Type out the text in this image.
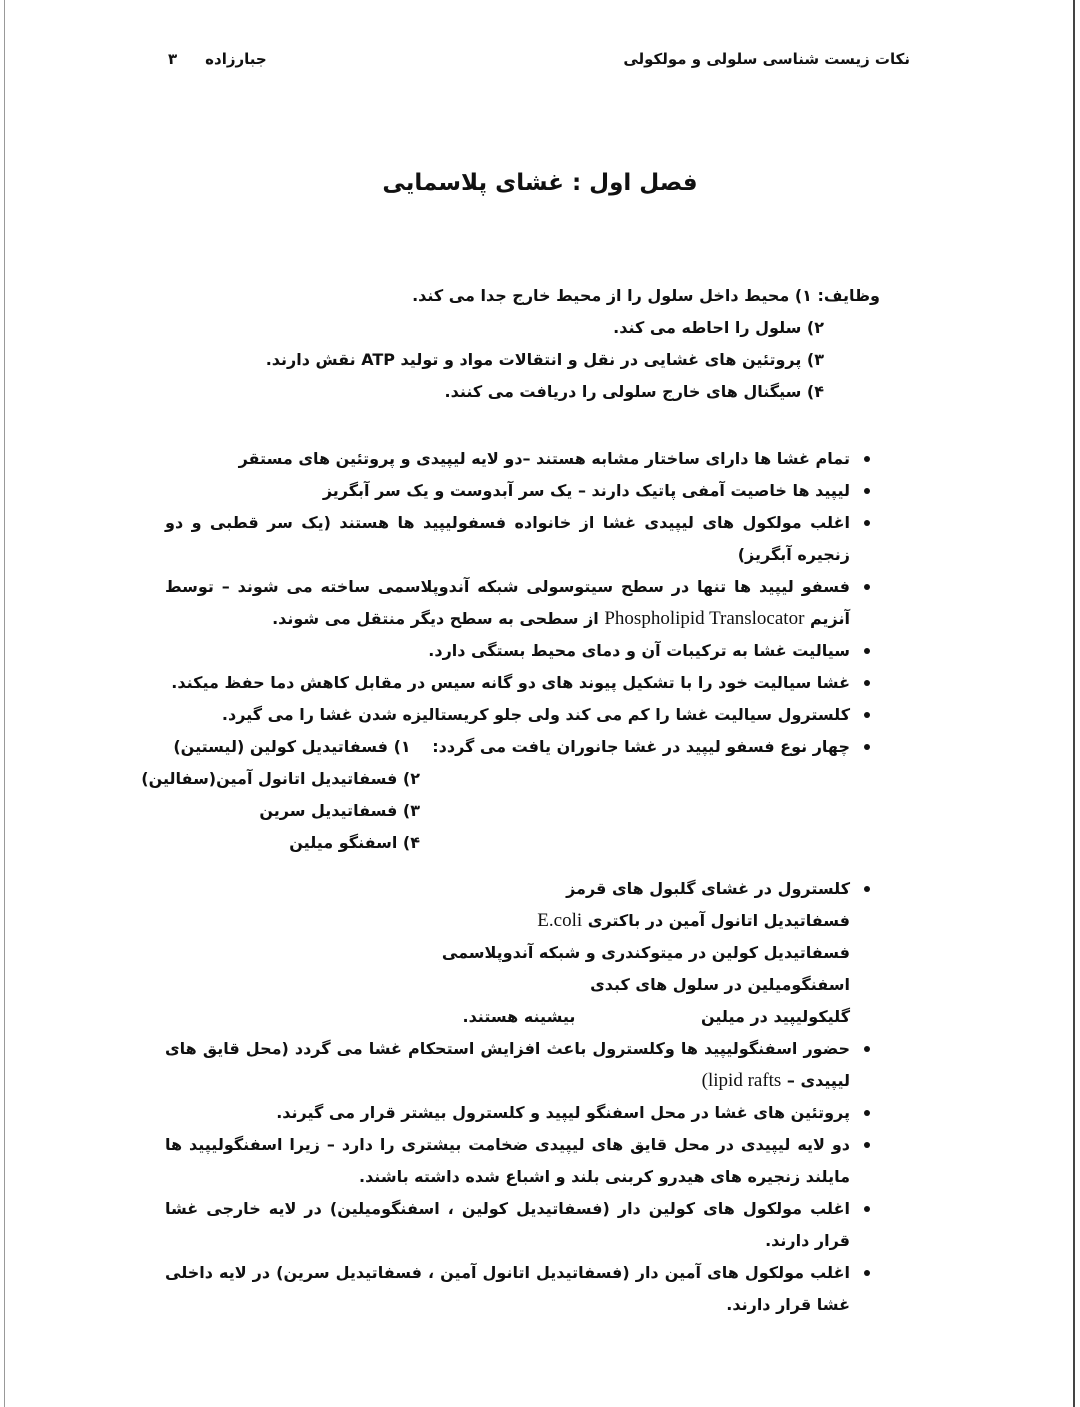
نکات زیست شناسی سلولی و مولکولی
جبارزاده۳
فصل اول : غشای پلاسمایی
وظایف: ۱) محیط داخل سلول را از محیط خارج جدا می کند.
۲) سلول را احاطه می کند.
۳) پروتئین های غشایی در نقل و انتقالات مواد و تولید ATP نقش دارند.
۴) سیگنال های خارج سلولی را دریافت می کنند.
تمام غشا ها دارای ساختار مشابه هستند –دو لایه لیپیدی و پروتئین های مستقر
لیپید ها خاصیت آمفی پاتیک دارند – یک سر آبدوست و یک سر آبگریز
اغلب مولکول های لیپیدی غشا از خانواده فسفولیپید ها هستند (یک سر قطبی و دو زنجیره آبگریز)
فسفو لیپید ها تنها در سطح سیتوسولی شبکه آندوپلاسمی ساخته می شوند – توسط آنزیم Phospholipid Translocator از سطحی به سطح دیگر منتقل می شوند.
سیالیت غشا به ترکیبات آن و دمای محیط بستگی دارد.
غشا سیالیت خود را با تشکیل پیوند های دو گانه سیس در مقابل کاهش دما حفظ میکند.
کلسترول سیالیت غشا را کم می کند ولی جلو کریستالیزه شدن غشا را می گیرد.
چهار نوع فسفو لیپید در غشا جانوران یافت می گردد: ۱) فسفاتیدیل کولین (لیستین)
۲) فسفاتیدیل اتانول آمین(سفالین)
۳) فسفاتیدیل سرین
۴) اسفنگو میلین
کلسترول در غشای گلبول های قرمز
فسفاتیدیل اتانول آمین در باکتری E.coli
فسفاتیدیل کولین در میتوکندری و شبکه آندوپلاسمی
اسفنگومیلین در سلول های کبدی
گلیکولیپید در میلین بیشینه هستند.
حضور اسفنگولیپید ها وکلسترول باعث افزایش استحکام غشا می گردد (محل قایق های لیپیدی – lipid rafts)
پروتئین های غشا در محل اسفنگو لیپید و کلسترول بیشتر قرار می گیرند.
دو لایه لیپیدی در محل قایق های لیپیدی ضخامت بیشتری را دارد – زیرا اسفنگولیپید ها مایلند زنجیره های هیدرو کربنی بلند و اشباع شده داشته باشند.
اغلب مولکول های کولین دار (فسفاتیدیل کولین ، اسفنگومیلین) در لایه خارجی غشا قرار دارند.
اغلب مولکول های آمین دار (فسفاتیدیل اتانول آمین ، فسفاتیدیل سرین) در لایه داخلی غشا قرار دارند.
